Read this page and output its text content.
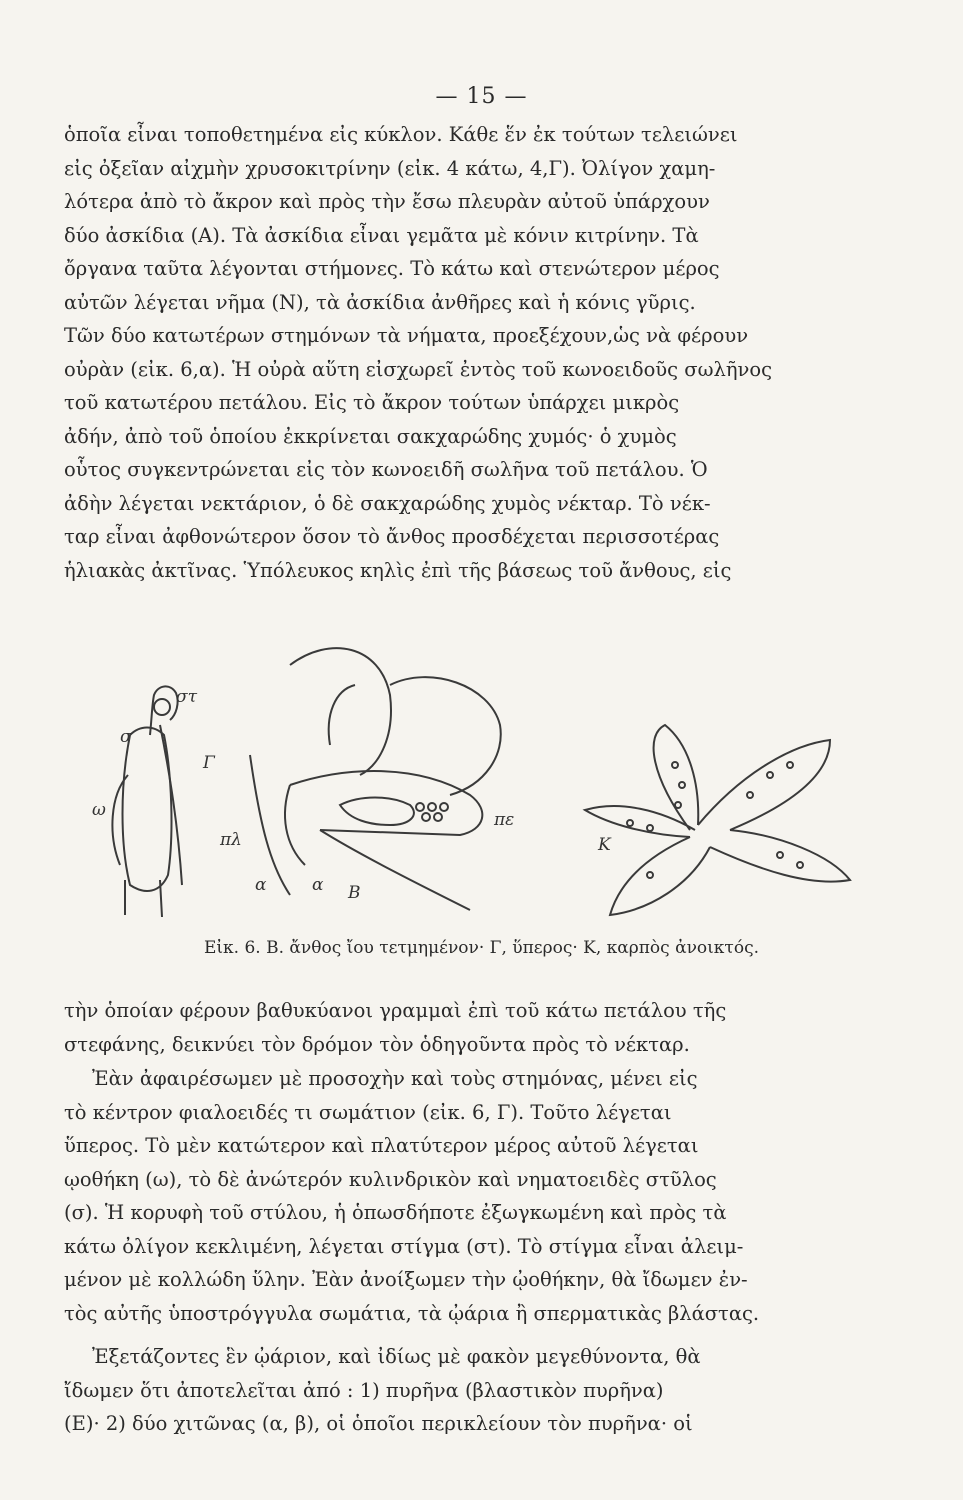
— 15 —
ὁποῖα εἶναι τοποθετημένα εἰς κύκλον. Κάθε ἕν ἐκ τούτων τελειώνει
εἰς ὀξεῖαν αἰχμὴν χρυσοκιτρίνην (εἰκ. 4 κάτω, 4,Γ). Ὀλίγον χαμη-
λότερα ἀπὸ τὸ ἄκρον καὶ πρὸς τὴν ἔσω πλευρὰν αὐτοῦ ὑπάρχουν
δύο ἀσκίδια (Α). Τὰ ἀσκίδια εἶναι γεμᾶτα μὲ κόνιν κιτρίνην. Τὰ
ὄργανα ταῦτα λέγονται στήμονες. Τὸ κάτω καὶ στενώτερον μέρος
αὐτῶν λέγεται νῆμα (Ν), τὰ ἀσκίδια ἀνθῆρες καὶ ἡ κόνις γῦρις.
Τῶν δύο κατωτέρων στημόνων τὰ νήματα, προεξέχουν,ὡς νὰ φέρουν
οὐρὰν (εἰκ. 6,α). Ἡ οὐρὰ αὕτη εἰσχωρεῖ ἐντὸς τοῦ κωνοειδοῦς σωλῆνος
τοῦ κατωτέρου πετάλου. Εἰς τὸ ἄκρον τούτων ὑπάρχει μικρὸς
ἀδήν, ἀπὸ τοῦ ὁποίου ἐκκρίνεται σακχαρώδης χυμός· ὁ χυμὸς
οὗτος συγκεντρώνεται εἰς τὸν κωνοειδῆ σωλῆνα τοῦ πετάλου. Ὁ
ἀδὴν λέγεται νεκτάριον, ὁ δὲ σακχαρώδης χυμὸς νέκταρ. Τὸ νέκ-
ταρ εἶναι ἀφθονώτερον ὅσον τὸ ἄνθος προσδέχεται περισσοτέρας
ἡλιακὰς ἀκτῖνας. Ὑπόλευκος κηλὶς ἐπὶ τῆς βάσεως τοῦ ἄνθους, εἰς
στ
σ
Γ
ω
πλ
α	α Β
πε
Κ
Εἰκ. 6. Β. ἄνθος ἴου τετμημένον· Γ, ὕπερος· Κ, καρπὸς ἀνοικτός.
τὴν ὁποίαν φέρουν βαθυκύανοι γραμμαὶ ἐπὶ τοῦ κάτω πετάλου τῆς
στεφάνης, δεικνύει τὸν δρόμον τὸν ὁδηγοῦντα πρὸς τὸ νέκταρ.
Ἐὰν ἀφαιρέσωμεν μὲ προσοχὴν καὶ τοὺς στημόνας, μένει εἰς
τὸ κέντρον φιαλοειδές τι σωμάτιον (εἰκ. 6, Γ). Τοῦτο λέγεται
ὕπερος. Τὸ μὲν κατώτερον καὶ πλατύτερον μέρος αὐτοῦ λέγεται
ῳοθήκη (ω), τὸ δὲ ἀνώτερόν κυλινδρικὸν καὶ νηματοειδὲς στῦλος
(σ). Ἡ κορυφὴ τοῦ στύλου, ἡ ὁπωσδήποτε ἐξωγκωμένη καὶ πρὸς τὰ
κάτω ὀλίγον κεκλιμένη, λέγεται στίγμα (στ). Τὸ στίγμα εἶναι ἀλειμ-
μένον μὲ κολλώδη ὕλην. Ἐὰν ἀνοίξωμεν τὴν ᾠοθήκην, θὰ ἴδωμεν ἐν-
τὸς αὐτῆς ὑποστρόγγυλα σωμάτια, τὰ ᾠάρια ἢ σπερματικὰς βλάστας.
Ἐξετάζοντες ἓν ᾠάριον, καὶ ἰδίως μὲ φακὸν μεγεθύνοντα, θὰ
ἴδωμεν ὅτι ἀποτελεῖται ἀπό : 1) πυρῆνα (βλαστικὸν πυρῆνα)
(Ε)· 2) δύο χιτῶνας (α, β), οἱ ὁποῖοι περικλείουν τὸν πυρῆνα· οἱ
